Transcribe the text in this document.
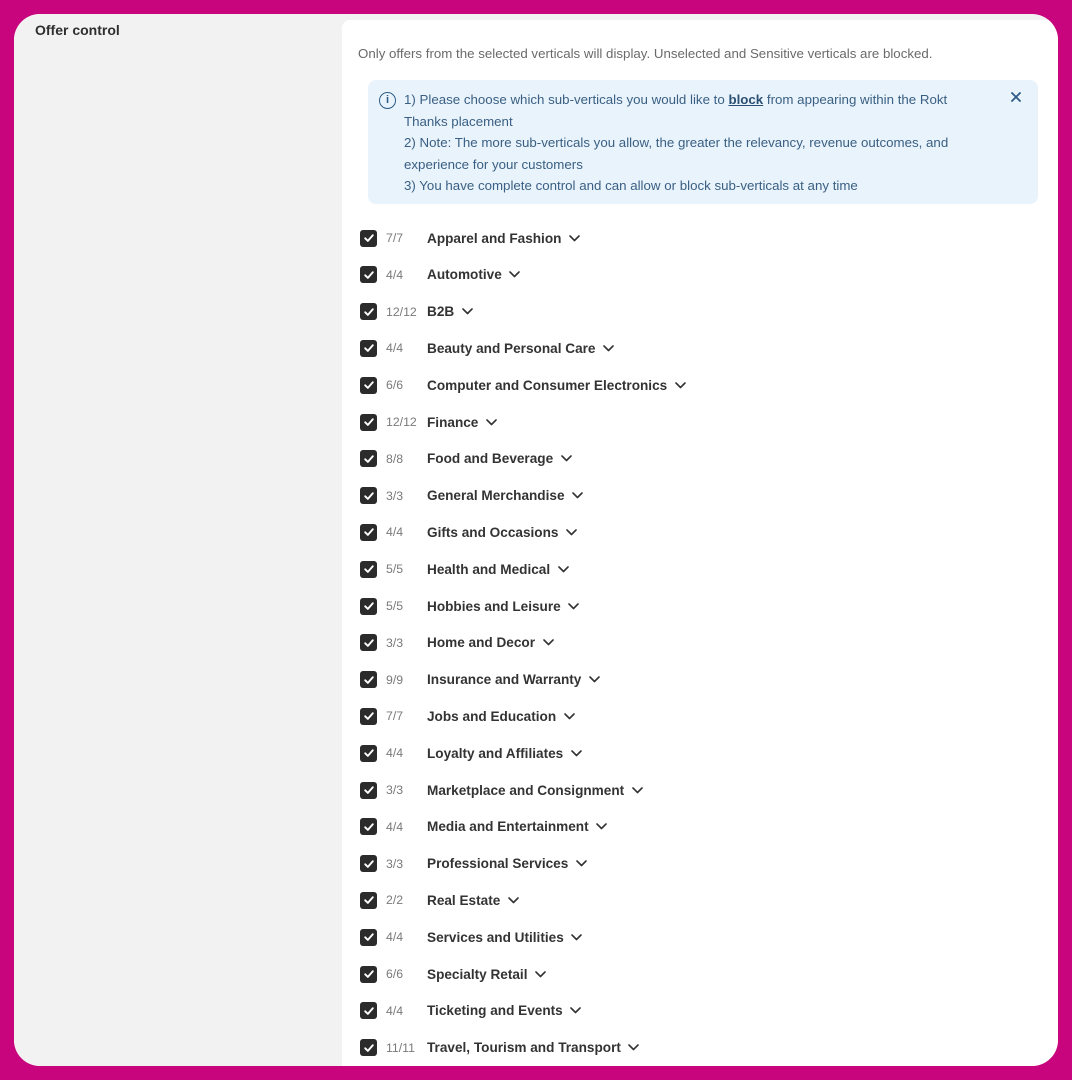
Offer control
Only offers from the selected verticals will display. Unselected and Sensitive verticals are blocked.
i	1) Please choose which sub-verticals you would like to block from appearing within the Rokt Thanks placement
2) Note: The more sub-verticals you allow, the greater the relevancy, revenue outcomes, and experience for your customers
3) You have complete control and can allow or block sub-verticals at any time
7/7	Apparel and Fashion
4/4	Automotive
12/12 B2B
4/4	Beauty and Personal Care
6/6	Computer and Consumer Electronics
12/12 Finance
8/8	Food and Beverage
3/3	General Merchandise
4/4	Gifts and Occasions
5/5	Health and Medical
5/5	Hobbies and Leisure
3/3	Home and Decor
9/9	Insurance and Warranty
7/7	Jobs and Education
4/4	Loyalty and Affiliates
3/3	Marketplace and Consignment
4/4	Media and Entertainment
3/3	Professional Services
2/2	Real Estate
4/4	Services and Utilities
6/6	Specialty Retail
4/4	Ticketing and Events
11/11 Travel, Tourism and Transport
